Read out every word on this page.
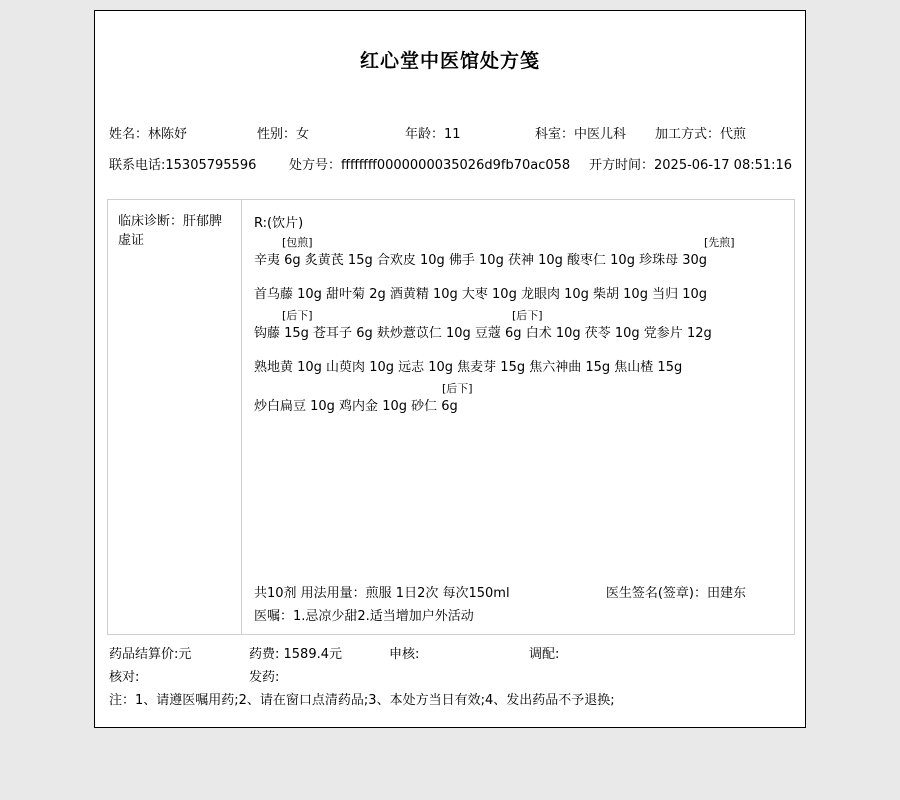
红心堂中医馆处方笺
姓名：林陈妤	性别：女	年龄：11	科室：中医儿科	加工方式：代煎
联系电话:15305795596	处方号：ffffffff0000000035026d9fb70ac058	开方时间：2025-06-17 08:51:16
临床诊断：肝郁脾虚证
R:(饮片)
[包煎]	[先煎]
辛夷 6g 炙黄芪 15g 合欢皮 10g 佛手 10g 茯神 10g 酸枣仁 10g 珍珠母 30g
首乌藤 10g 甜叶菊 2g 酒黄精 10g 大枣 10g 龙眼肉 10g 柴胡 10g 当归 10g
[后下]	[后下]
钩藤 15g 苍耳子 6g 麸炒薏苡仁 10g 豆蔻 6g 白术 10g 茯苓 10g 党参片 12g
熟地黄 10g 山萸肉 10g 远志 10g 焦麦芽 15g 焦六神曲 15g 焦山楂 15g
[后下]
炒白扁豆 10g 鸡内金 10g 砂仁 6g
共10剂 用法用量：煎服 1日2次 每次150ml	医生签名(签章)：田建东
医嘱：1.忌凉少甜2.适当增加户外活动
药品结算价:元	药费: 1589.4元	申核:	调配:
核对:	发药:
注：1、请遵医嘱用药;2、请在窗口点清药品;3、本处方当日有效;4、发出药品不予退换;
